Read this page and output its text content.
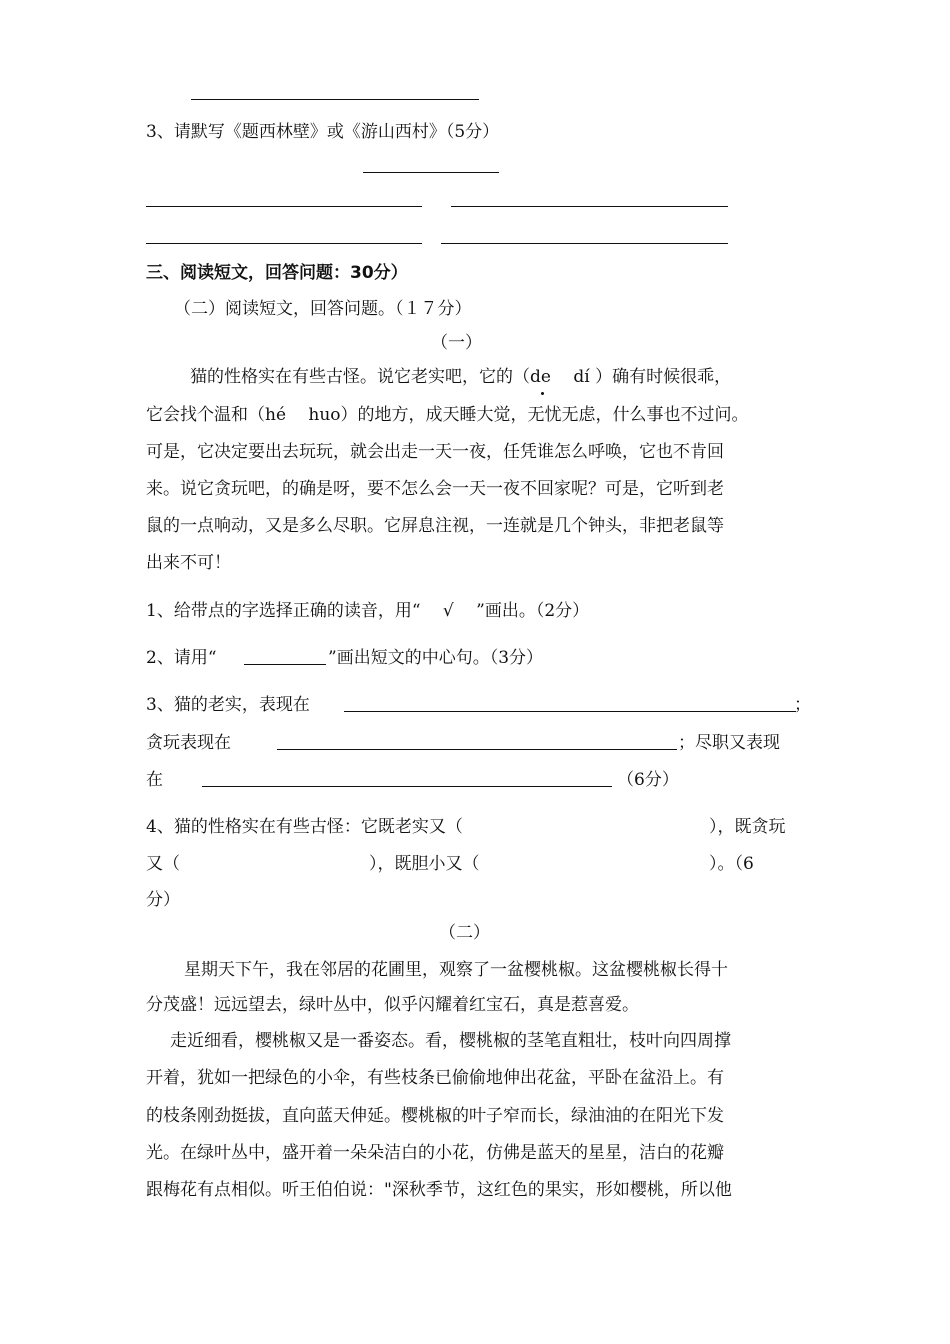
3、请默写《题西林壁》或《游山西村》（5分）
三、阅读短文，回答问题：30分）
（二）阅读短文，回答问题。（１７分）
（一）
猫的性格实在有些古怪。说它老实吧，它的（de　 dí ）确有时候很乖，
它会找个温和（hé　 huo）的地方，成天睡大觉，无忧无虑，什么事也不过问。
可是，它决定要出去玩玩，就会出走一天一夜，任凭谁怎么呼唤，它也不肯回
来。说它贪玩吧，的确是呀，要不怎么会一天一夜不回家呢？可是，它听到老
鼠的一点响动，又是多么尽职。它屏息注视，一连就是几个钟头，非把老鼠等
出来不可！
1、给带点的字选择正确的读音，用“　 √　 ”画出。（2分）
2、请用“	”画出短文的中心句。（3分）
3、猫的老实，表现在	；
贪玩表现在	；尽职又表现
在	（6分）
4、猫的性格实在有些古怪：它既老实又（	），既贪玩
又（	），既胆小又（	）。（6
分）
（二）
星期天下午，我在邻居的花圃里，观察了一盆樱桃椒。这盆樱桃椒长得十
分茂盛！远远望去，绿叶丛中，似乎闪耀着红宝石，真是惹喜爱。
走近细看，樱桃椒又是一番姿态。看，樱桃椒的茎笔直粗壮，枝叶向四周撑
开着，犹如一把绿色的小伞，有些枝条已偷偷地伸出花盆，平卧在盆沿上。有
的枝条刚劲挺拔，直向蓝天伸延。樱桃椒的叶子窄而长，绿油油的在阳光下发
光。在绿叶丛中，盛开着一朵朵洁白的小花，仿佛是蓝天的星星，洁白的花瓣
跟梅花有点相似。听王伯伯说："深秋季节，这红色的果实，形如樱桃，所以他
